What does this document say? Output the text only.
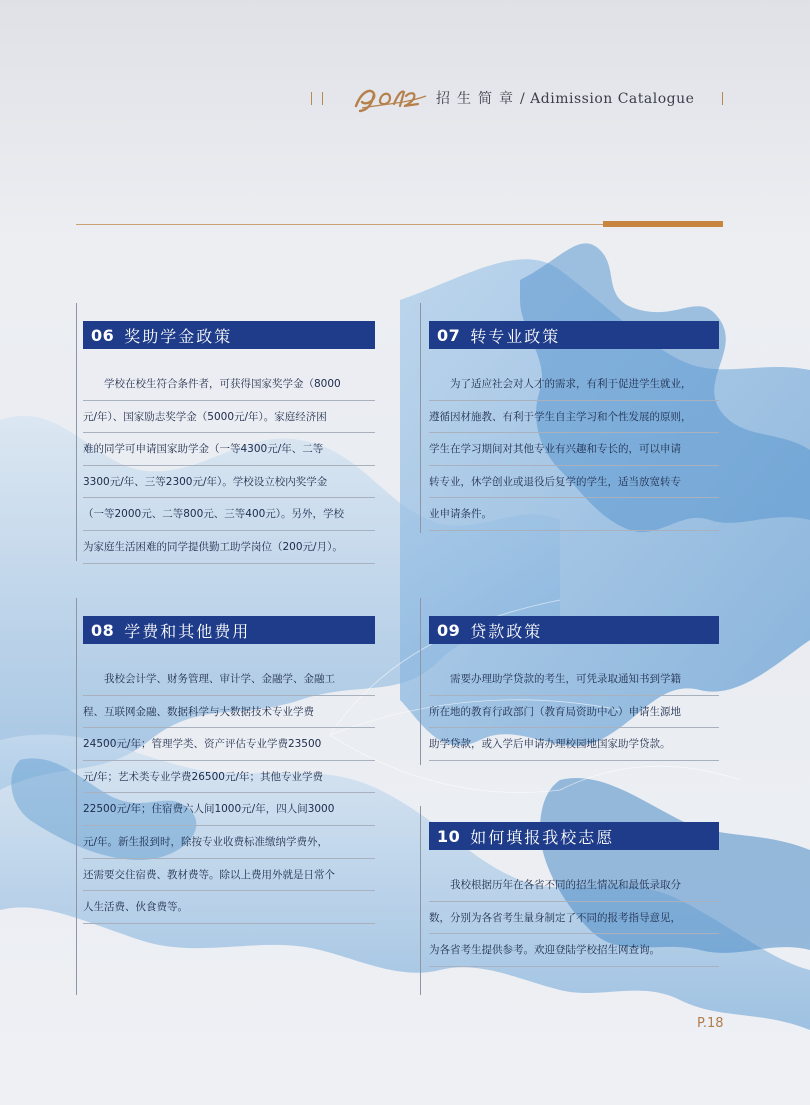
招生简章/ Adimission Catalogue
06 奖助学金政策
　　学校在校生符合条件者，可获得国家奖学金（8000
元/年）、国家励志奖学金（5000元/年）。家庭经济困
难的同学可申请国家助学金（一等4300元/年、二等
3300元/年、三等2300元/年）。学校设立校内奖学金
（一等2000元、二等800元、三等400元）。另外，学校
为家庭生活困难的同学提供勤工助学岗位（200元/月）。
07 转专业政策
　　为了适应社会对人才的需求，有利于促进学生就业，
遵循因材施教、有利于学生自主学习和个性发展的原则，
学生在学习期间对其他专业有兴趣和专长的，可以申请
转专业，休学创业或退役后复学的学生，适当放宽转专
业申请条件。
08 学费和其他费用
　　我校会计学、财务管理、审计学、金融学、金融工
程、互联网金融、数据科学与大数据技术专业学费
24500元/年；管理学类、资产评估专业学费23500
元/年；艺术类专业学费26500元/年；其他专业学费
22500元/年；住宿费六人间1000元/年，四人间3000
元/年。新生报到时，除按专业收费标准缴纳学费外，
还需要交住宿费、教材费等。除以上费用外就是日常个
人生活费、伙食费等。
09 贷款政策
　　需要办理助学贷款的考生，可凭录取通知书到学籍
所在地的教育行政部门（教育局资助中心）申请生源地
助学贷款，或入学后申请办理校园地国家助学贷款。
10 如何填报我校志愿
　　我校根据历年在各省不同的招生情况和最低录取分
数，分别为各省考生量身制定了不同的报考指导意见，
为各省考生提供参考。欢迎登陆学校招生网查询。
P.18
